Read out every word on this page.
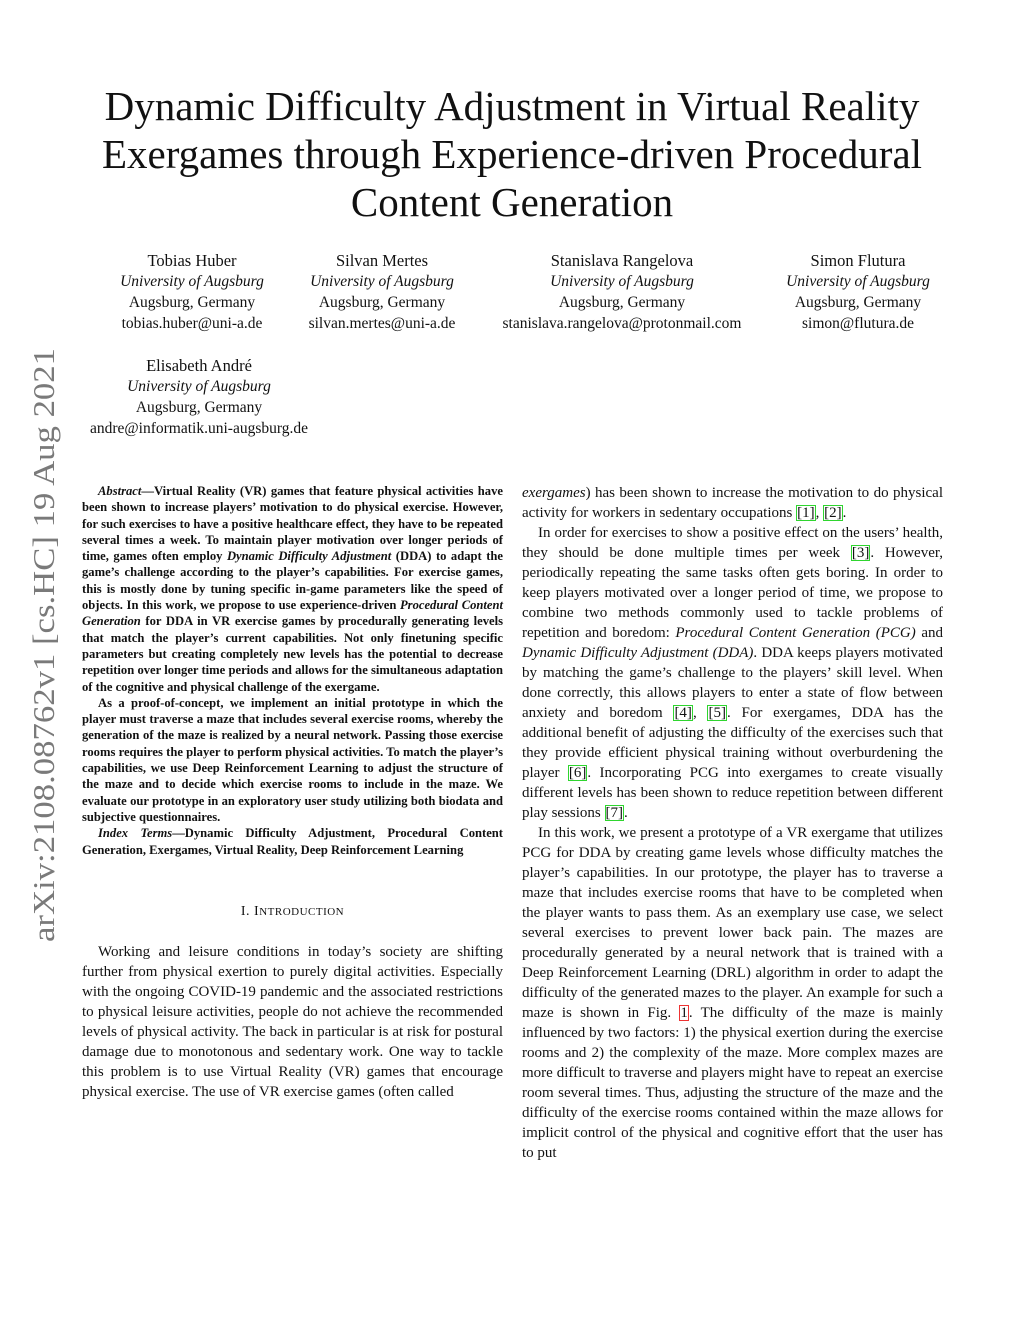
arXiv:2108.08762v1 [cs.HC] 19 Aug 2021
Dynamic Difficulty Adjustment in Virtual Reality
Exergames through Experience-driven Procedural
Content Generation
Tobias Huber
University of Augsburg
Augsburg, Germany
tobias.huber@uni-a.de
Silvan Mertes
University of Augsburg
Augsburg, Germany
silvan.mertes@uni-a.de
Stanislava Rangelova
University of Augsburg
Augsburg, Germany
stanislava.rangelova@protonmail.com
Simon Flutura
University of Augsburg
Augsburg, Germany
simon@flutura.de
Elisabeth André
University of Augsburg
Augsburg, Germany
andre@informatik.uni-augsburg.de

Abstract—Virtual Reality (VR) games that feature physical activities have been shown to increase players’ motivation to do physical exercise. However, for such exercises to have a positive healthcare effect, they have to be repeated several times a week. To maintain player motivation over longer periods of time, games often employ Dynamic Difficulty Adjustment (DDA) to adapt the game’s challenge according to the player’s capabilities. For exercise games, this is mostly done by tuning specific in-game parameters like the speed of objects. In this work, we propose to use experience-driven Procedural Content Generation for DDA in VR exercise games by procedurally generating levels that match the player’s current capabilities. Not only finetuning specific parameters but creating completely new levels has the potential to decrease repetition over longer time periods and allows for the simultaneous adaptation of the cognitive and physical challenge of the exergame.

As a proof-of-concept, we implement an initial prototype in which the player must traverse a maze that includes several exercise rooms, whereby the generation of the maze is realized by a neural network. Passing those exercise rooms requires the player to perform physical activities. To match the player’s capabilities, we use Deep Reinforcement Learning to adjust the structure of the maze and to decide which exercise rooms to include in the maze. We evaluate our prototype in an exploratory user study utilizing both biodata and subjective questionnaires.

Index Terms—Dynamic Difficulty Adjustment, Procedural Content Generation, Exergames, Virtual Reality, Deep Reinforcement Learning

I. INTRODUCTION

Working and leisure conditions in today’s society are shifting further from physical exertion to purely digital activities. Especially with the ongoing COVID-19 pandemic and the associated restrictions to physical leisure activities, people do not achieve the recommended levels of physical activity. The back in particular is at risk for postural damage due to monotonous and sedentary work. One way to tackle this problem is to use Virtual Reality (VR) games that encourage physical exercise. The use of VR exercise games (often called

exergames) has been shown to increase the motivation to do physical activity for workers in sedentary occupations [1], [2].

In order for exercises to show a positive effect on the users’ health, they should be done multiple times per week [3]. However, periodically repeating the same tasks often gets boring. In order to keep players motivated over a longer period of time, we propose to combine two methods commonly used to tackle problems of repetition and boredom: Procedural Content Generation (PCG) and Dynamic Difficulty Adjustment (DDA). DDA keeps players motivated by matching the game’s challenge to the players’ skill level. When done correctly, this allows players to enter a state of flow between anxiety and boredom [4], [5]. For exergames, DDA has the additional benefit of adjusting the difficulty of the exercises such that they provide efficient physical training without overburdening the player [6]. Incorporating PCG into exergames to create visually different levels has been shown to reduce repetition between different play sessions [7].

In this work, we present a prototype of a VR exergame that utilizes PCG for DDA by creating game levels whose difficulty matches the player’s capabilities. In our prototype, the player has to traverse a maze that includes exercise rooms that have to be completed when the player wants to pass them. As an exemplary use case, we select several exercises to prevent lower back pain. The mazes are procedurally generated by a neural network that is trained with a Deep Reinforcement Learning (DRL) algorithm in order to adapt the difficulty of the generated mazes to the player. An example for such a maze is shown in Fig. 1. The difficulty of the maze is mainly influenced by two factors: 1) the physical exertion during the exercise rooms and 2) the complexity of the maze. More complex mazes are more difficult to traverse and players might have to repeat an exercise room several times. Thus, adjusting the structure of the maze and the difficulty of the exercise rooms contained within the maze allows for implicit control of the physical and cognitive effort that the user has to put
